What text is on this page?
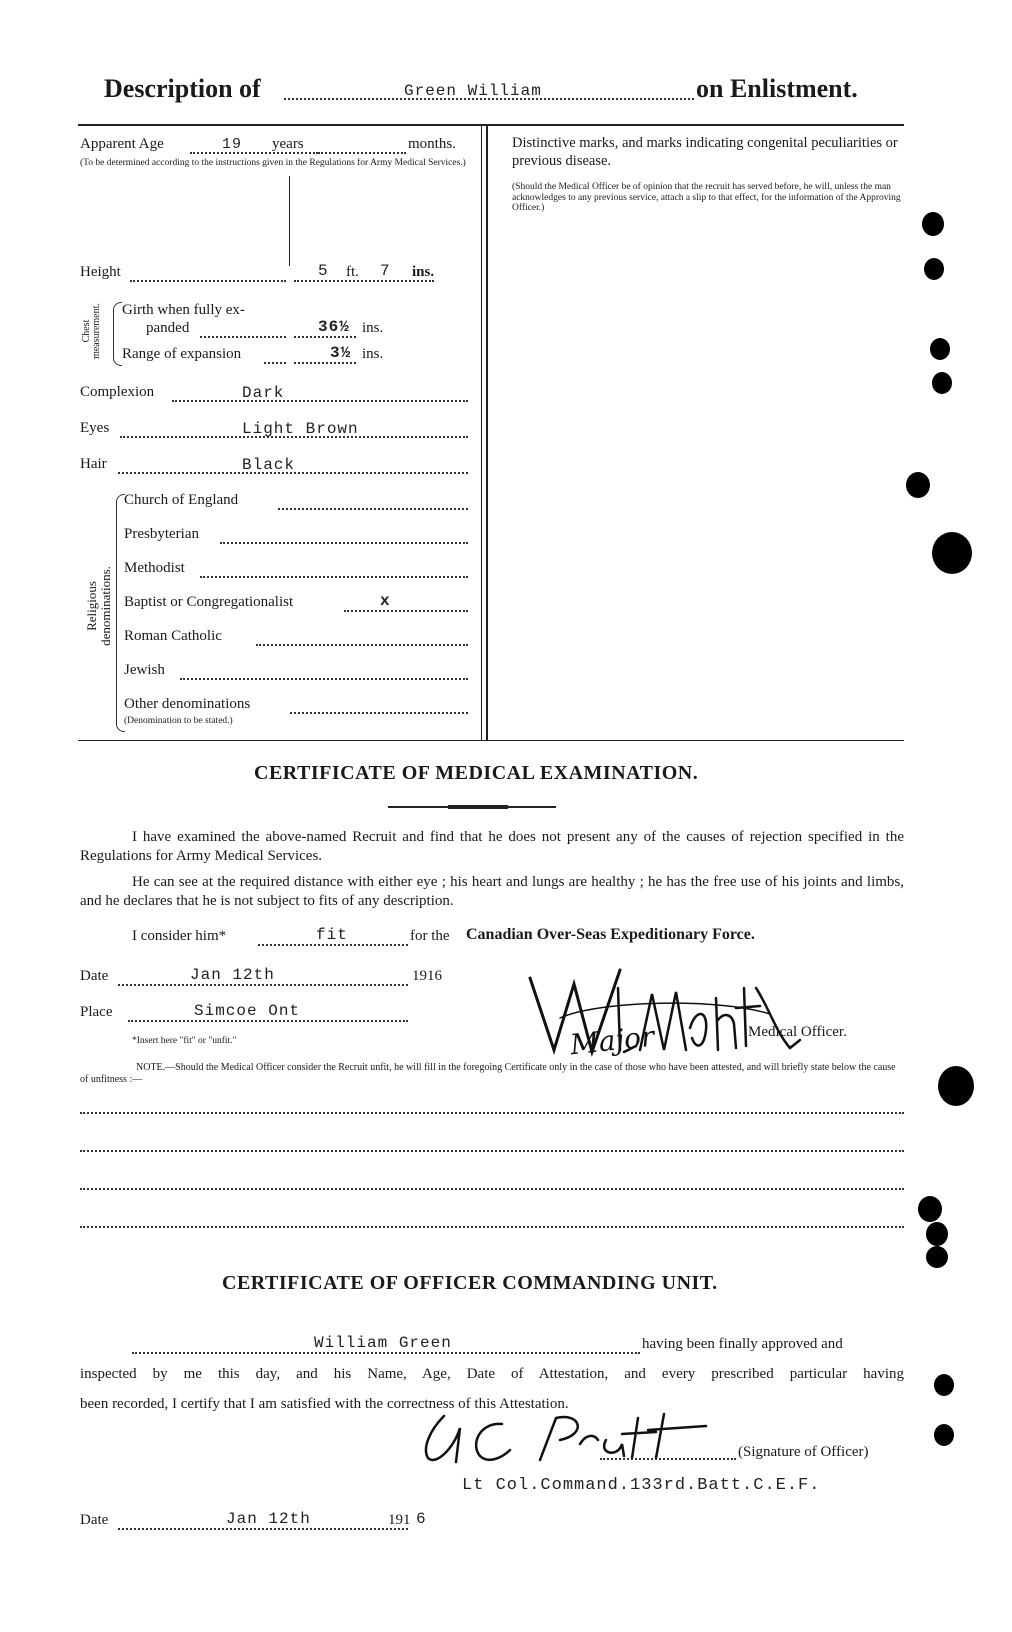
Description of	Green William	on Enlistment.
Apparent Age	19 years	months.
(To be determined according to the instructions given in the Regulations for Army Medical Services.)
Height	5 ft. 7 ins.
Chest measurement. Girth when fully ex-
panded	36½ ins.
Range of expansion	3½ ins.
Complexion	Dark
Eyes	Light Brown
Hair	Black
Religious denominations.
Church of England
Presbyterian
Methodist
Baptist or Congregationalist	x
Roman Catholic
Jewish
Other denominations
(Denomination to be stated.)
Distinctive marks, and marks indicating congenital peculiarities or previous disease.
(Should the Medical Officer be of opinion that the recruit has served before, he will, unless the man acknowledges to any previous service, attach a slip to that effect, for the information of the Approving Officer.)
CERTIFICATE OF MEDICAL EXAMINATION.
I have examined the above-named Recruit and find that he does not present any of the causes of rejection specified in the Regulations for Army Medical Services.
He can see at the required distance with either eye ; his heart and lungs are healthy ; he has the free use of his joints and limbs, and he declares that he is not subject to fits of any description.
I consider him*	fit	for the Canadian Over-Seas Expeditionary Force.
Date	Jan 12th	1916
Place	Simcoe Ont
*Insert here "fit" or "unfit."	Major	Medical Officer.
NOTE.—Should the Medical Officer consider the Recruit unfit, he will fill in the foregoing Certificate only in the case of those who have been attested, and will briefly state below the cause of unfitness :—
CERTIFICATE OF OFFICER COMMANDING UNIT.
William Green	having been finally approved and
inspected by me this day, and his Name, Age, Date of Attestation, and every prescribed particular having
been recorded, I certify that I am satisfied with the correctness of this Attestation.
(Signature of Officer)
Lt Col.Command.133rd.Batt.C.E.F.
Date	Jan 12th	191 6
